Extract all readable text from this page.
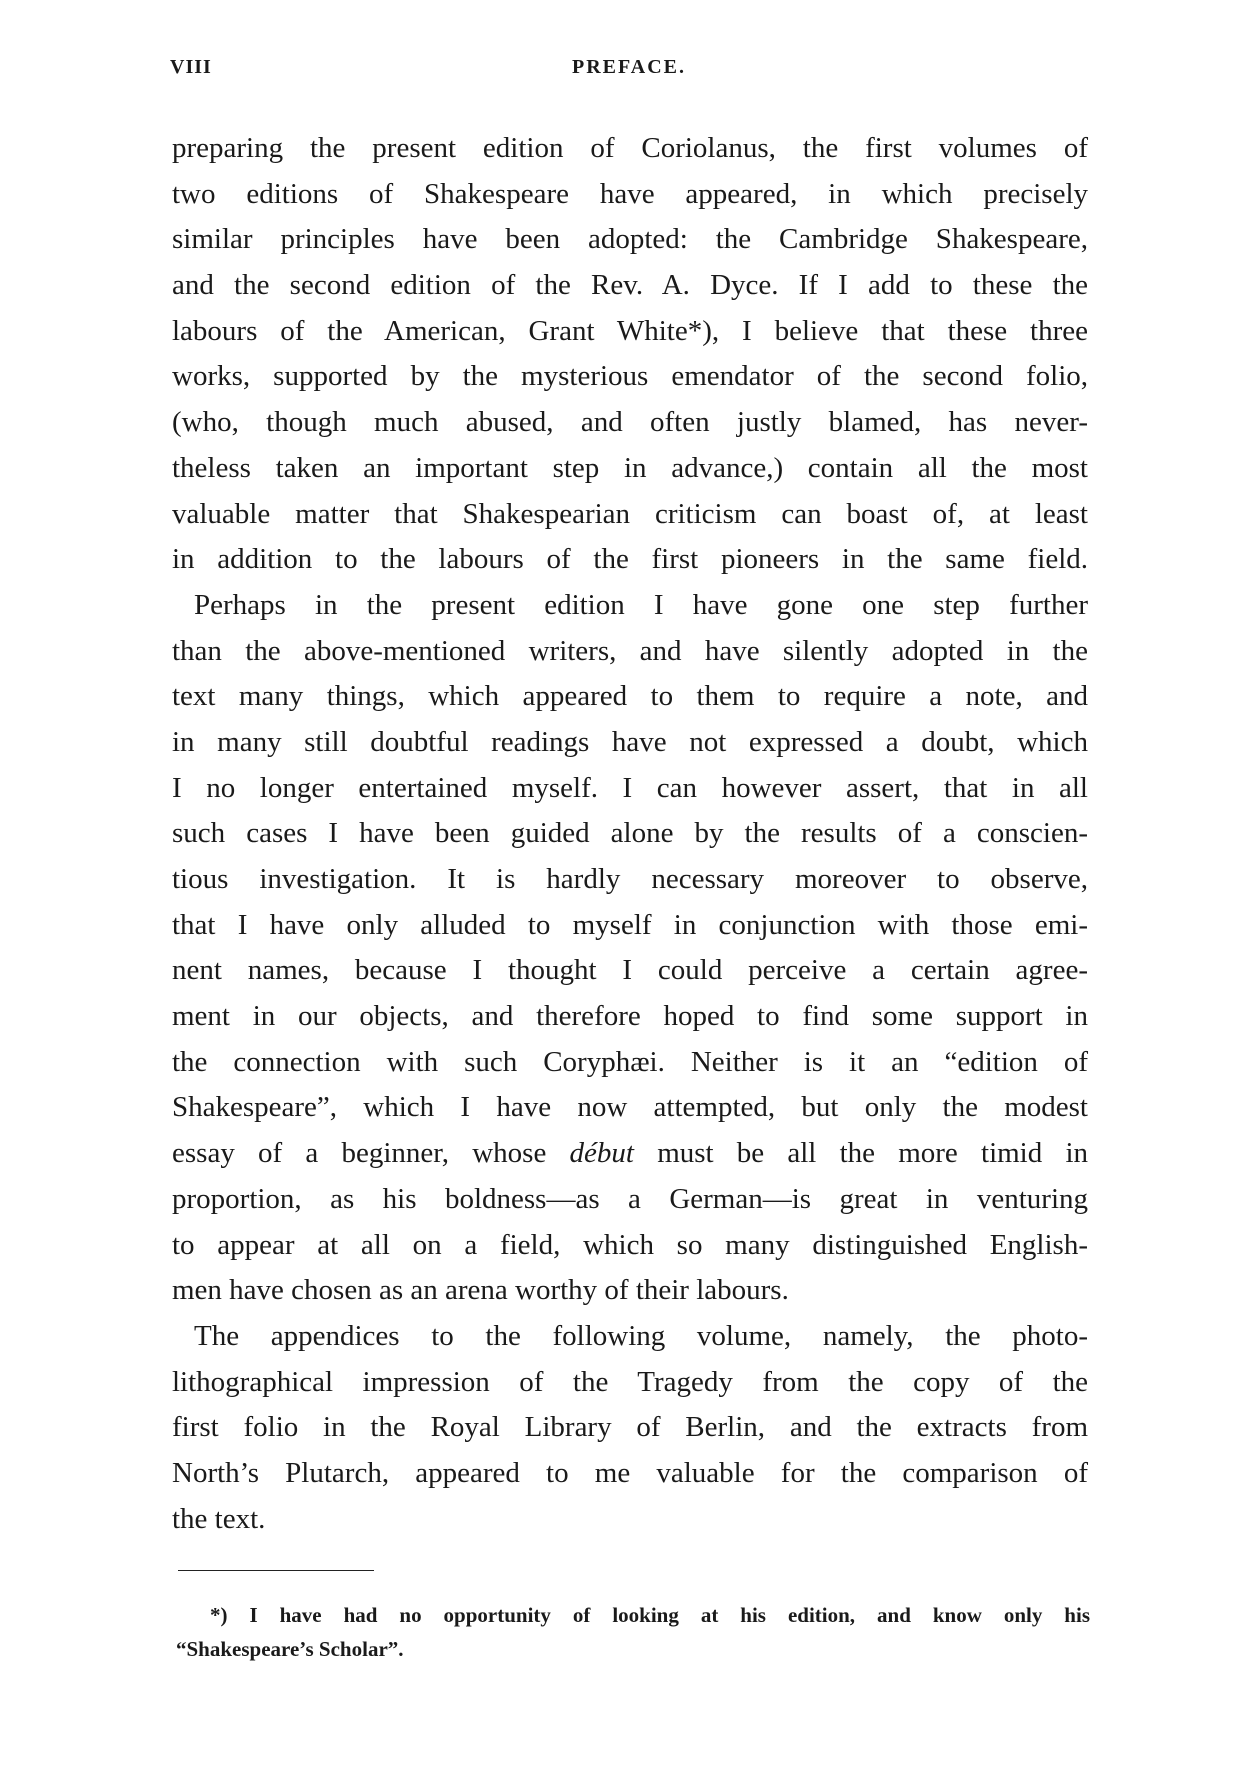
VIII	PREFACE.
preparing the present edition of Coriolanus, the first volumes of
two editions of Shakespeare have appeared, in which precisely
similar principles have been adopted: the Cambridge Shakespeare,
and the second edition of the Rev. A. Dyce. If I add to these the
labours of the American, Grant White*), I believe that these three
works, supported by the mysterious emendator of the second folio,
(who, though much abused, and often justly blamed, has never-
theless taken an important step in advance,) contain all the most
valuable matter that Shakespearian criticism can boast of, at least
in addition to the labours of the first pioneers in the same field.
Perhaps in the present edition I have gone one step further
than the above-mentioned writers, and have silently adopted in the
text many things, which appeared to them to require a note, and
in many still doubtful readings have not expressed a doubt, which
I no longer entertained myself. I can however assert, that in all
such cases I have been guided alone by the results of a conscien-
tious investigation. It is hardly necessary moreover to observe,
that I have only alluded to myself in conjunction with those emi-
nent names, because I thought I could perceive a certain agree-
ment in our objects, and therefore hoped to find some support in
the connection with such Coryphæi. Neither is it an “edition of
Shakespeare”, which I have now attempted, but only the modest
essay of a beginner, whose début must be all the more timid in
proportion, as his boldness—as a German—is great in venturing
to appear at all on a field, which so many distinguished English-
men have chosen as an arena worthy of their labours.
The appendices to the following volume, namely, the photo-
lithographical impression of the Tragedy from the copy of the
first folio in the Royal Library of Berlin, and the extracts from
North’s Plutarch, appeared to me valuable for the comparison of
the text.
*) I have had no opportunity of looking at his edition, and know only his
“Shakespeare’s Scholar”.
